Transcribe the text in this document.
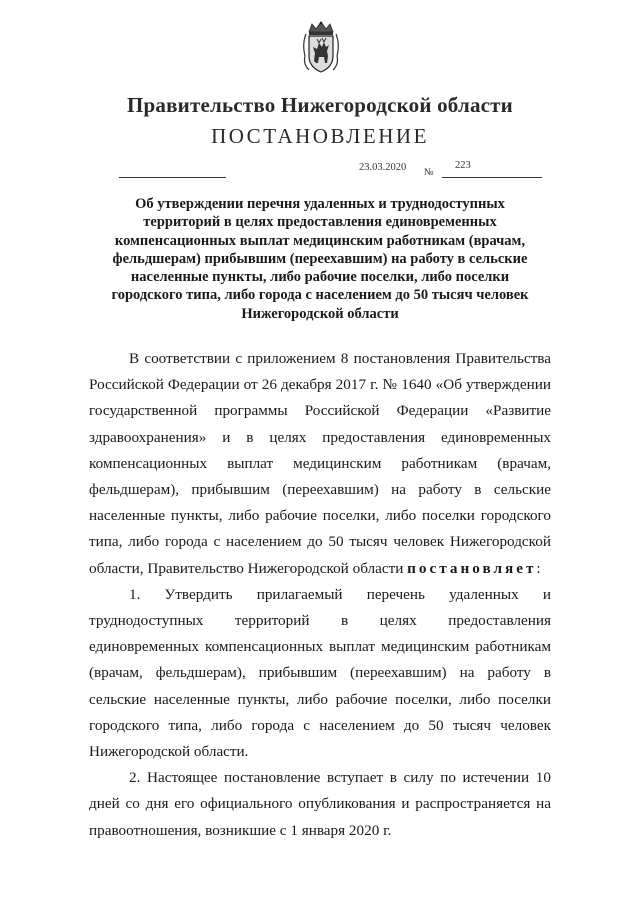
Правительство Нижегородской области
ПОСТАНОВЛЕНИЕ
23.03.2020 №
223

Об утверждении перечня удаленных и труднодоступных территорий в целях предоставления единовременных компенсационных выплат медицинским работникам (врачам, фельдшерам) прибывшим (переехавшим) на работу в сельские населенные пункты, либо рабочие поселки, либо поселки городского типа, либо города с населением до 50 тысяч человек Нижегородской области

В соответствии с приложением 8 постановления Правительства Российской Федерации от 26 декабря 2017 г. № 1640 «Об утверждении государственной программы Российской Федерации «Развитие здравоохранения» и в целях предоставления единовременных компенсационных выплат медицинским работникам (врачам, фельдшерам), прибывшим (переехавшим) на работу в сельские населенные пункты, либо рабочие поселки, либо поселки городского типа, либо города с населением до 50 тысяч человек Нижегородской области, Правительство Нижегородской области постановляет:

1. Утвердить прилагаемый перечень удаленных и труднодоступных территорий в целях предоставления единовременных компенсационных выплат медицинским работникам (врачам, фельдшерам), прибывшим (переехавшим) на работу в сельские населенные пункты, либо рабочие поселки, либо поселки городского типа, либо города с населением до 50 тысяч человек Нижегородской области.

2. Настоящее постановление вступает в силу по истечении 10 дней со дня его официального опубликования и распространяется на правоотношения, возникшие с 1 января 2020 г.
